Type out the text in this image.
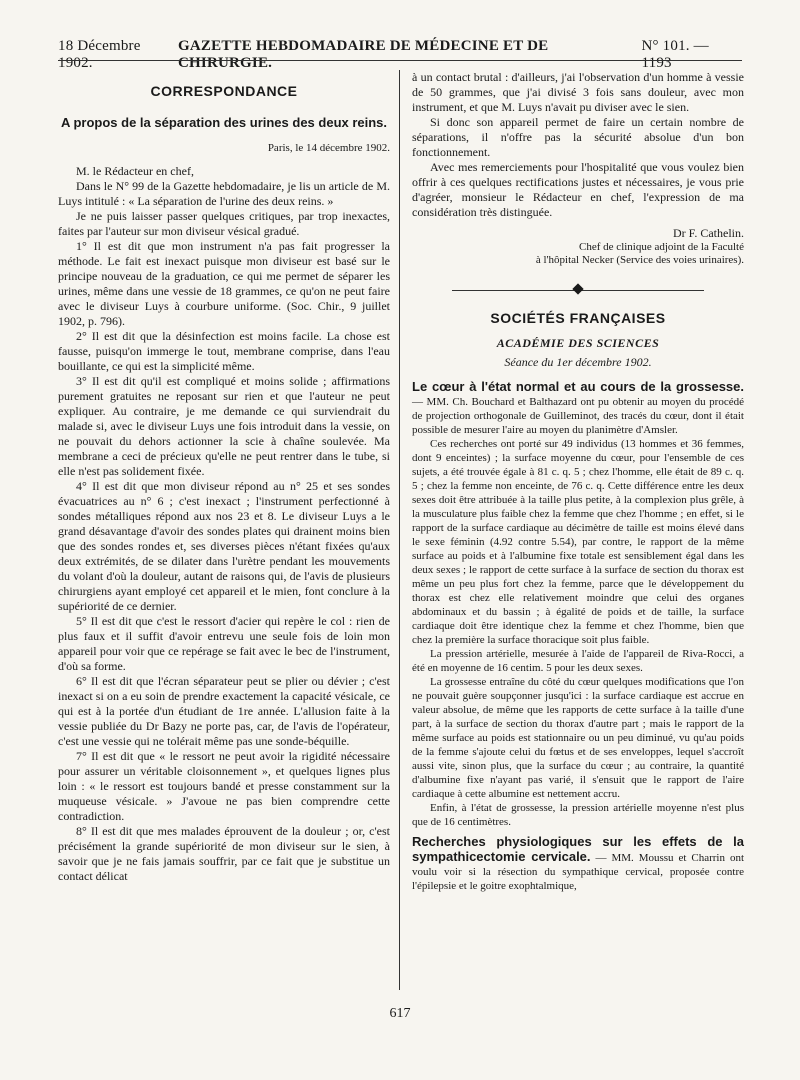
18 Décembre 1902.
GAZETTE HEBDOMADAIRE DE MÉDECINE ET DE CHIRURGIE.
N° 101. — 1193
CORRESPONDANCE
A propos de la séparation des urines des deux reins.
Paris, le 14 décembre 1902.

M. le Rédacteur en chef,

Dans le N° 99 de la Gazette hebdomadaire, je lis un article de M. Luys intitulé : « La séparation de l'urine des deux reins. »

Je ne puis laisser passer quelques critiques, par trop inexactes, faites par l'auteur sur mon diviseur vésical gradué.

1° Il est dit que mon instrument n'a pas fait progresser la méthode. Le fait est inexact puisque mon diviseur est basé sur le principe nouveau de la graduation, ce qui me permet de séparer les urines, même dans une vessie de 18 grammes, ce qu'on ne peut faire avec le diviseur Luys à courbure uniforme. (Soc. Chir., 9 juillet 1902, p. 796).

2° Il est dit que la désinfection est moins facile. La chose est fausse, puisqu'on immerge le tout, membrane comprise, dans l'eau bouillante, ce qui est la simplicité même.

3° Il est dit qu'il est compliqué et moins solide ; affirmations purement gratuites ne reposant sur rien et que l'auteur ne peut expliquer. Au contraire, je me demande ce qui surviendrait du malade si, avec le diviseur Luys une fois introduit dans la vessie, on ne pouvait du dehors actionner la scie à chaîne soulevée. Ma membrane a ceci de précieux qu'elle ne peut rentrer dans le tube, si elle n'est pas solidement fixée.

4° Il est dit que mon diviseur répond au n° 25 et ses sondes évacuatrices au n° 6 ; c'est inexact ; l'instrument perfectionné à sondes métalliques répond aux nos 23 et 8. Le diviseur Luys a le grand désavantage d'avoir des sondes plates qui drainent moins bien que des sondes rondes et, ses diverses pièces n'étant fixées qu'aux deux extrémités, de se dilater dans l'urètre pendant les mouvements du volant d'où la douleur, autant de raisons qui, de l'avis de plusieurs chirurgiens ayant employé cet appareil et le mien, font conclure à la supériorité de ce dernier.

5° Il est dit que c'est le ressort d'acier qui repère le col : rien de plus faux et il suffit d'avoir entrevu une seule fois de loin mon appareil pour voir que ce repérage se fait avec le bec de l'instrument, d'où sa forme.

6° Il est dit que l'écran séparateur peut se plier ou dévier ; c'est inexact si on a eu soin de prendre exactement la capacité vésicale, ce qui est à la portée d'un étudiant de 1re année. L'allusion faite à la vessie publiée du Dr Bazy ne porte pas, car, de l'avis de l'opérateur, c'est une vessie qui ne tolérait même pas une sonde-béquille.

7° Il est dit que « le ressort ne peut avoir la rigidité nécessaire pour assurer un véritable cloisonnement », et quelques lignes plus loin : « le ressort est toujours bandé et presse constamment sur la muqueuse vésicale. » J'avoue ne pas bien comprendre cette contradiction.

8° Il est dit que mes malades éprouvent de la douleur ; or, c'est précisément la grande supériorité de mon diviseur sur le sien, à savoir que je ne fais jamais souffrir, par ce fait que je substitue un contact délicat

à un contact brutal : d'ailleurs, j'ai l'observation d'un homme à vessie de 50 grammes, que j'ai divisé 3 fois sans douleur, avec mon instrument, et que M. Luys n'avait pu diviser avec le sien.

Si donc son appareil permet de faire un certain nombre de séparations, il n'offre pas la sécurité absolue d'un bon fonctionnement.

Avec mes remerciements pour l'hospitalité que vous voulez bien offrir à ces quelques rectifications justes et nécessaires, je vous prie d'agréer, monsieur le Rédacteur en chef, l'expression de ma considération très distinguée.

Dr F. Cathelin.
Chef de clinique adjoint de la Faculté
à l'hôpital Necker (Service des voies urinaires).
SOCIÉTÉS FRANÇAISES
ACADÉMIE DES SCIENCES
Séance du 1er décembre 1902.

Le cœur à l'état normal et au cours de la grossesse. — MM. Ch. Bouchard et Balthazard ont pu obtenir au moyen du procédé de projection orthogonale de Guilleminot, des tracés du cœur, dont il était possible de mesurer l'aire au moyen du planimètre d'Amsler.

Ces recherches ont porté sur 49 individus (13 hommes et 36 femmes, dont 9 enceintes) ; la surface moyenne du cœur, pour l'ensemble de ces sujets, a été trouvée égale à 81 c. q. 5 ; chez l'homme, elle était de 89 c. q. 5 ; chez la femme non enceinte, de 76 c. q. Cette différence entre les deux sexes doit être attribuée à la taille plus petite, à la complexion plus grêle, à la musculature plus faible chez la femme que chez l'homme ; en effet, si le rapport de la surface cardiaque au décimètre de taille est moins élevé dans le sexe féminin (4.92 contre 5.54), par contre, le rapport de la même surface au poids et à l'albumine fixe totale est sensiblement égal dans les deux sexes ; le rapport de cette surface à la surface de section du thorax est même un peu plus fort chez la femme, parce que le développement du thorax est chez elle relativement moindre que celui des organes abdominaux et du bassin ; à égalité de poids et de taille, la surface cardiaque doit être identique chez la femme et chez l'homme, bien que chez la première la surface thoracique soit plus faible.

La pression artérielle, mesurée à l'aide de l'appareil de Riva-Rocci, a été en moyenne de 16 centim. 5 pour les deux sexes.

La grossesse entraîne du côté du cœur quelques modifications que l'on ne pouvait guère soupçonner jusqu'ici : la surface cardiaque est accrue en valeur absolue, de même que les rapports de cette surface à la taille d'une part, à la surface de section du thorax d'autre part ; mais le rapport de la même surface au poids est stationnaire ou un peu diminué, vu qu'au poids de la femme s'ajoute celui du fœtus et de ses enveloppes, lequel s'accroît aussi vite, sinon plus, que la surface du cœur ; au contraire, la quantité d'albumine fixe n'ayant pas varié, il s'ensuit que le rapport de l'aire cardiaque à cette albumine est nettement accru.

Enfin, à l'état de grossesse, la pression artérielle moyenne n'est plus que de 16 centimètres.

Recherches physiologiques sur les effets de la sympathicectomie cervicale. — MM. Moussu et Charrin ont voulu voir si la résection du sympathique cervical, proposée contre l'épilepsie et le goitre exophtalmique,

617
